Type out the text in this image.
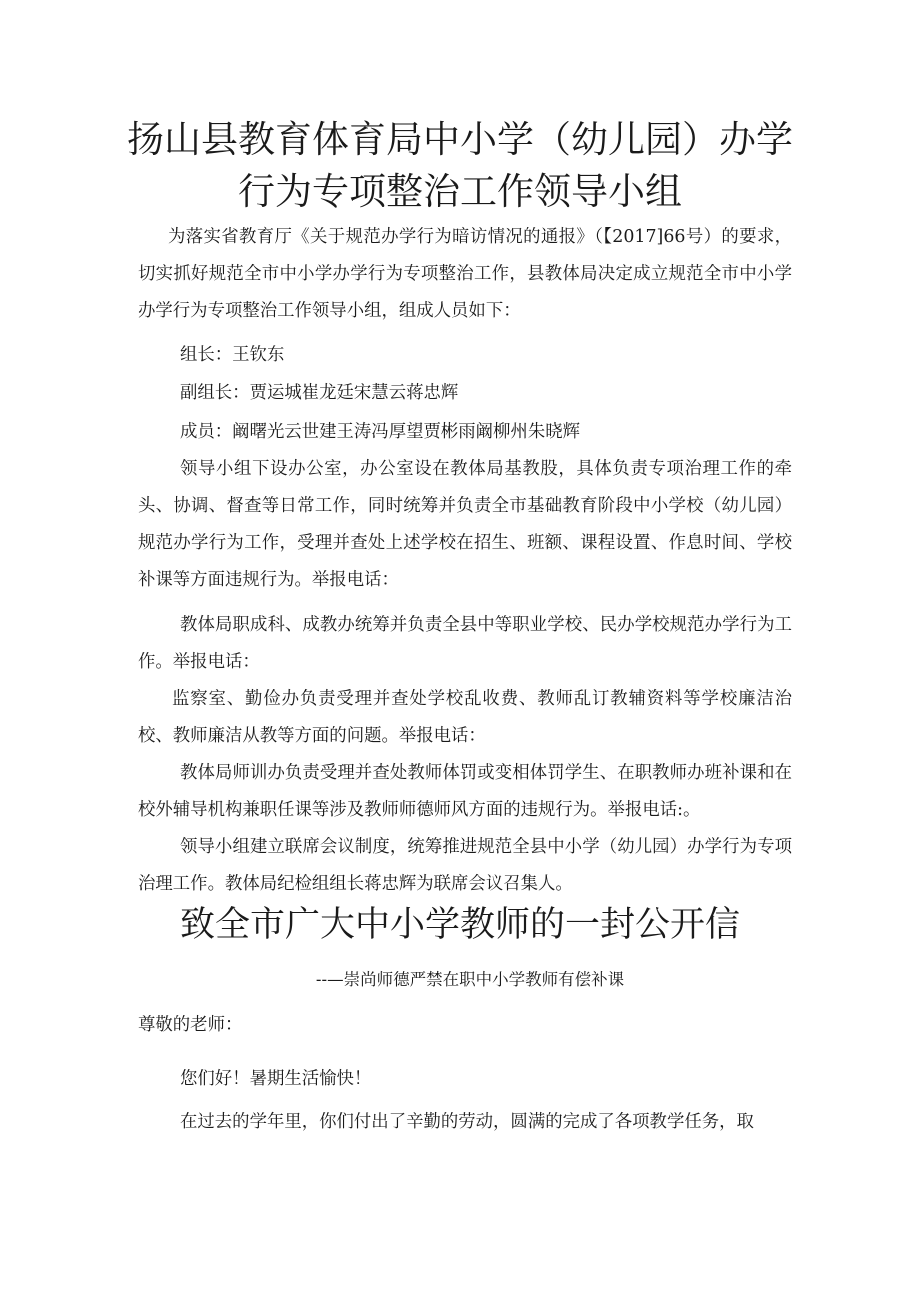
扬山县教育体育局中小学（幼儿园）办学
行为专项整治工作领导小组

为落实省教育厅《关于规范办学行为暗访情况的通报》（【2017]66号）的要求，切实抓好规范全市中小学办学行为专项整治工作，县教体局决定成立规范全市中小学办学行为专项整治工作领导小组，组成人员如下：

组长：王钦东
副组长：贾运城崔龙廷宋慧云蒋忠辉
成员：阚曙光云世建王涛冯厚望贾彬雨阚柳州朱晓辉

领导小组下设办公室，办公室设在教体局基教股，具体负责专项治理工作的牵头、协调、督查等日常工作，同时统筹并负责全市基础教育阶段中小学校（幼儿园）规范办学行为工作，受理并查处上述学校在招生、班额、课程设置、作息时间、学校补课等方面违规行为。举报电话：

教体局职成科、成教办统筹并负责全县中等职业学校、民办学校规范办学行为工作。举报电话：

监察室、勤俭办负责受理并查处学校乱收费、教师乱订教辅资料等学校廉洁治校、教师廉洁从教等方面的问题。举报电话：

教体局师训办负责受理并查处教师体罚或变相体罚学生、在职教师办班补课和在校外辅导机构兼职任课等涉及教师师德师风方面的违规行为。举报电话:。

领导小组建立联席会议制度，统筹推进规范全县中小学（幼儿园）办学行为专项治理工作。教体局纪检组组长蒋忠辉为联席会议召集人。

致全市广大中小学教师的一封公开信
--—崇尚师德严禁在职中小学教师有偿补课
尊敬的老师：
您们好！暑期生活愉快！
在过去的学年里，你们付出了辛勤的劳动，圆满的完成了各项教学任务，取
